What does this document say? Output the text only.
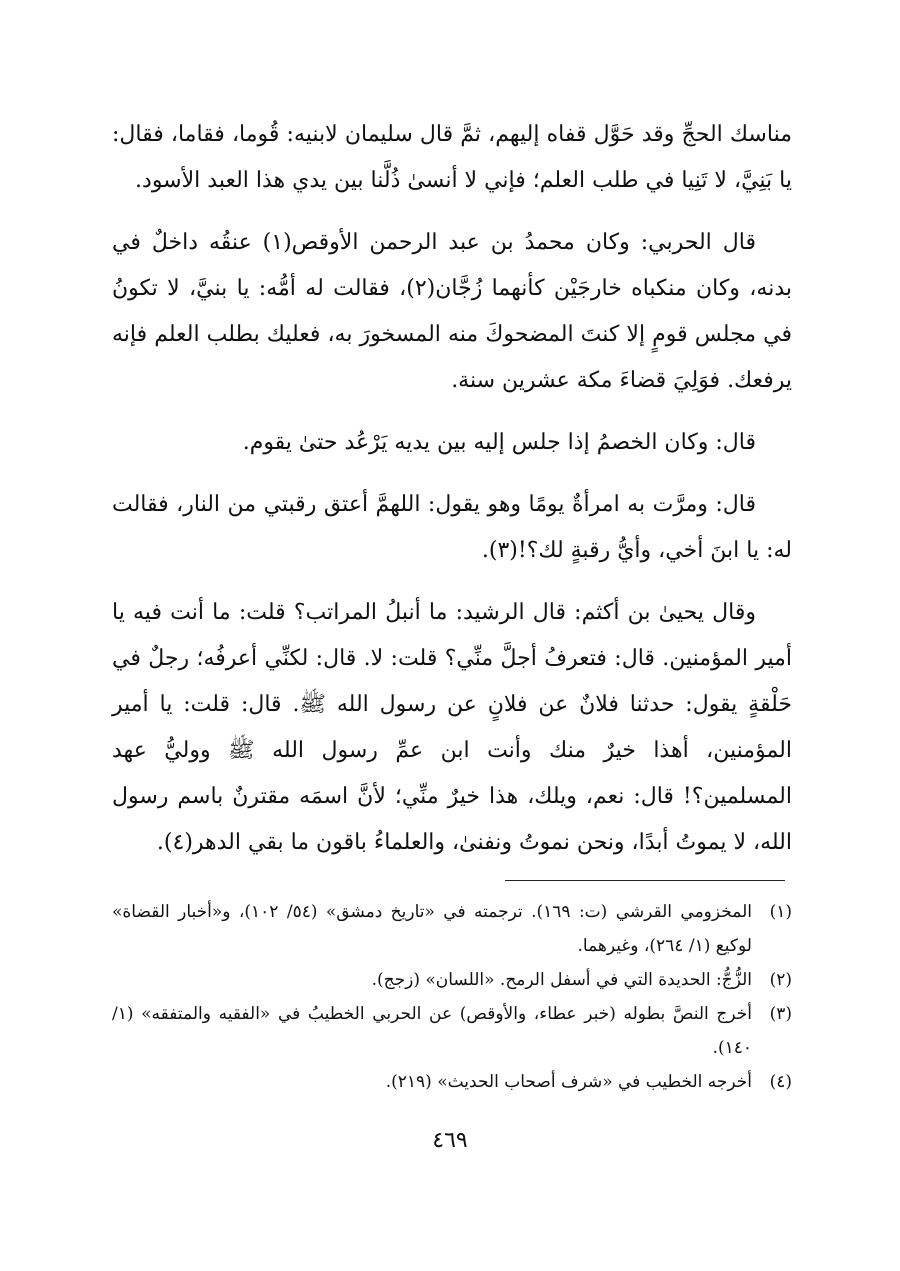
مناسك الحجِّ وقد حَوَّل قفاه إليهم، ثمَّ قال سليمان لابنيه: قُوما، فقاما، فقال: يا بَنِيَّ، لا تَنِيا في طلب العلم؛ فإني لا أنسىٰ ذُلَّنا بين يدي هذا العبد الأسود.

قال الحربي: وكان محمدُ بن عبد الرحمن الأوقص(١) عنقُه داخلٌ في بدنه، وكان منكباه خارجَيْن كأنهما زُجَّان(٢)، فقالت له أمُّه: يا بنيَّ، لا تكونُ في مجلس قومٍ إلا كنتَ المضحوكَ منه المسخورَ به، فعليك بطلب العلم فإنه يرفعك. فوَلِيَ قضاءَ مكة عشرين سنة.

قال: وكان الخصمُ إذا جلس إليه بين يديه يَرْعُد حتىٰ يقوم.

قال: ومرَّت به امرأةٌ يومًا وهو يقول: اللهمَّ أعتق رقبتي من النار، فقالت له: يا ابنَ أخي، وأيُّ رقبةٍ لك؟!(٣).

وقال يحيىٰ بن أكثم: قال الرشيد: ما أنبلُ المراتب؟ قلت: ما أنت فيه يا أمير المؤمنين. قال: فتعرفُ أجلَّ منِّي؟ قلت: لا. قال: لكنِّي أعرفُه؛ رجلٌ في حَلْقةٍ يقول: حدثنا فلانٌ عن فلانٍ عن رسول الله ﷺ. قال: قلت: يا أمير المؤمنين، أهذا خيرٌ منك وأنت ابن عمِّ رسول الله ﷺ ووليُّ عهد المسلمين؟! قال: نعم، ويلك، هذا خيرٌ منِّي؛ لأنَّ اسمَه مقترنٌ باسم رسول الله، لا يموتُ أبدًا، ونحن نموتُ ونفنىٰ، والعلماءُ باقون ما بقي الدهر(٤).

(١)
المخزومي القرشي (ت: ١٦٩). ترجمته في «تاريخ دمشق» (٥٤/ ١٠٢)، و«أخبار القضاة» لوكيع (١/ ٢٦٤)، وغيرهما.
(٢)
الزُّجُّ: الحديدة التي في أسفل الرمح. «اللسان» (زجج).
(٣)
أخرج النصَّ بطوله (خبر عطاء، والأوقص) عن الحربي الخطيبُ في «الفقيه والمتفقه» (١/ ١٤٠).
(٤)
أخرجه الخطيب في «شرف أصحاب الحديث» (٢١٩).
٤٦٩
